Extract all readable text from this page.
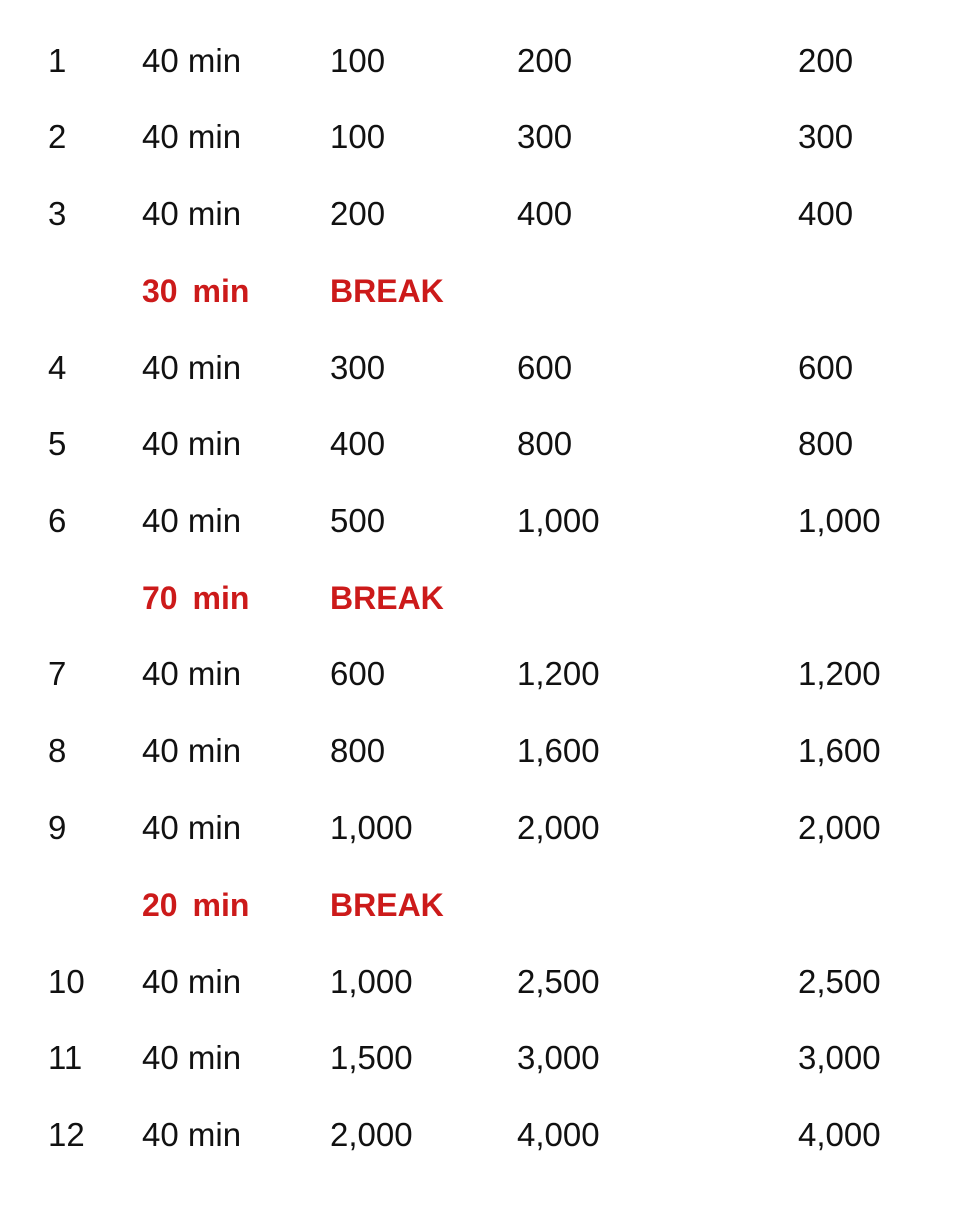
1 40 min	100	200	200
2 40 min	100	300	300
3 40 min	200	400	400
30 min	BREAK
4 40 min	300	600	600
5 40 min	400	800	800
6 40 min	500	1,000	1,000
70 min	BREAK
7 40 min	600	1,200	1,200
8 40 min	800	1,600	1,600
9 40 min	1,000	2,000	2,000
20 min	BREAK
10 40 min	1,000	2,500	2,500
11 40 min	1,500	3,000	3,000
12 40 min	2,000	4,000	4,000
